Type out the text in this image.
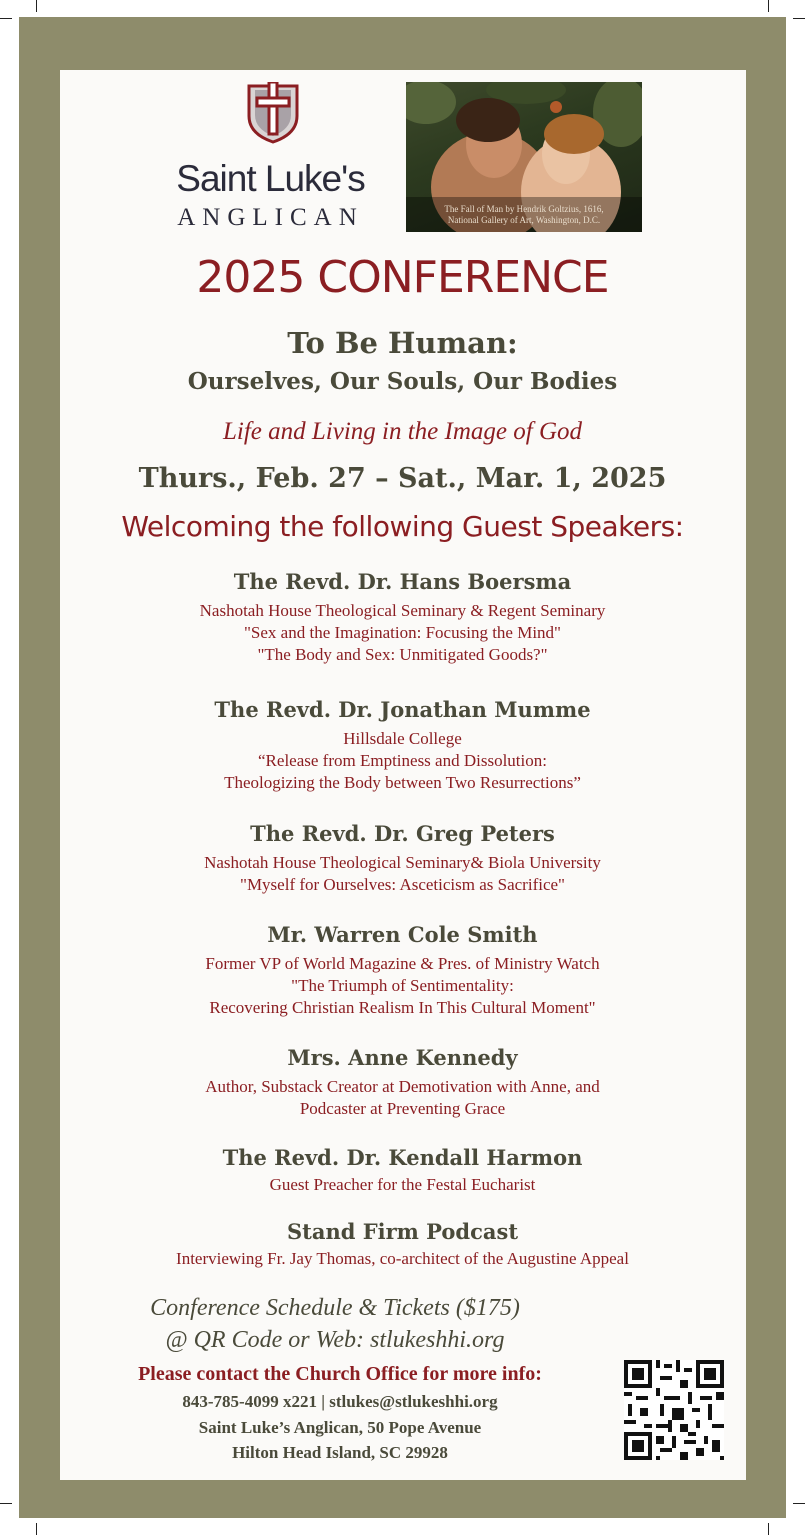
Saint Luke's
ANGLICAN	The Fall of Man by Hendrik Goltzius, 1616,
National Gallery of Art, Washington, D.C.
2025 CONFERENCE
To Be Human:
Ourselves, Our Souls, Our Bodies
Life and Living in the Image of God
Thurs., Feb. 27 – Sat., Mar. 1, 2025
Welcoming the following Guest Speakers:
The Revd. Dr. Hans Boersma
Nashotah House Theological Seminary & Regent Seminary
"Sex and the Imagination: Focusing the Mind"
"The Body and Sex: Unmitigated Goods?"
The Revd. Dr. Jonathan Mumme
Hillsdale College
“Release from Emptiness and Dissolution:
Theologizing the Body between Two Resurrections”
The Revd. Dr. Greg Peters
Nashotah House Theological Seminary& Biola University
"Myself for Ourselves: Asceticism as Sacrifice"
Mr. Warren Cole Smith
Former VP of World Magazine & Pres. of Ministry Watch
"The Triumph of Sentimentality:
Recovering Christian Realism In This Cultural Moment"
Mrs. Anne Kennedy
Author, Substack Creator at Demotivation with Anne, and
Podcaster at Preventing Grace
The Revd. Dr. Kendall Harmon
Guest Preacher for the Festal Eucharist
Stand Firm Podcast
Interviewing Fr. Jay Thomas, co-architect of the Augustine Appeal
Conference Schedule & Tickets ($175)
@ QR Code or Web: stlukeshhi.org
Please contact the Church Office for more info:
843-785-4099 x221 | stlukes@stlukeshhi.org
Saint Luke’s Anglican, 50 Pope Avenue
Hilton Head Island, SC 29928
